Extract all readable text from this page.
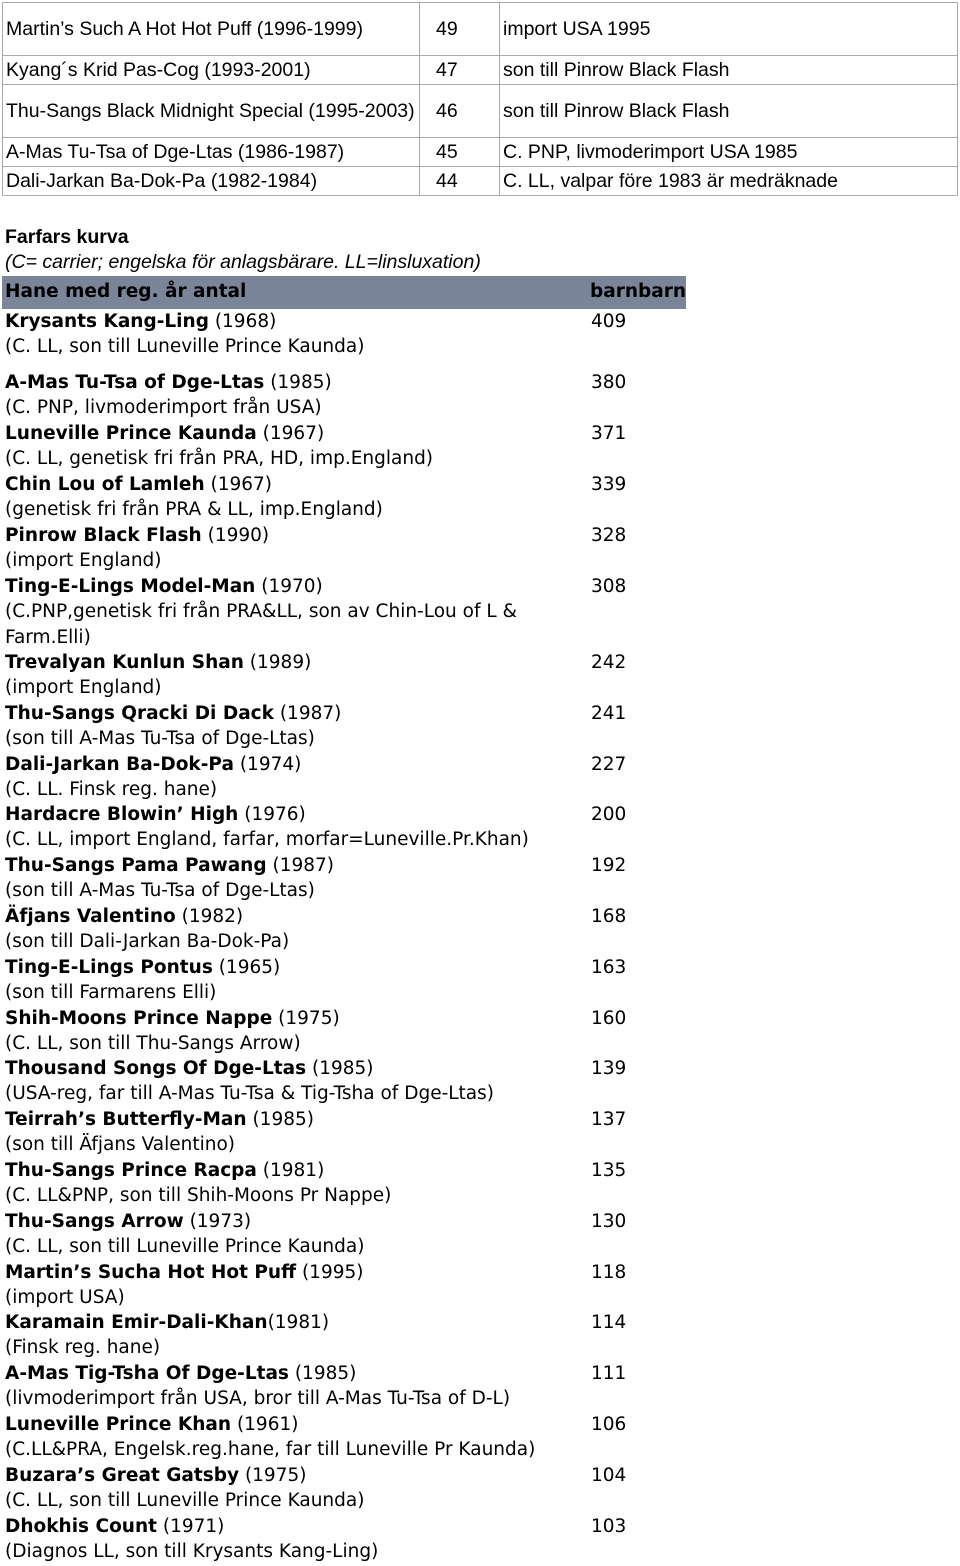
Martin’s Such A Hot Hot Puff (1996-1999)	49	import USA 1995
Kyang´s Krid Pas-Cog (1993-2001)	47	son till Pinrow Black Flash
Thu-Sangs Black Midnight Special (1995-2003)	46	son till Pinrow Black Flash
A-Mas Tu-Tsa of Dge-Ltas (1986-1987)	45	C. PNP, livmoderimport USA 1985
Dali-Jarkan Ba-Dok-Pa (1982-1984)	44	C. LL, valpar före 1983 är medräknade
Farfars kurva
(C= carrier; engelska för anlagsbärare. LL=linsluxation)
Hane med reg. år antal	barnbarn
Krysants Kang-Ling (1968)	409
(C. LL, son till Luneville Prince Kaunda)
A-Mas Tu-Tsa of Dge-Ltas (1985)	380
(C. PNP, livmoderimport från USA)
Luneville Prince Kaunda (1967)	371
(C. LL, genetisk fri från PRA, HD, imp.England)
Chin Lou of Lamleh (1967)	339
(genetisk fri från PRA & LL, imp.England)
Pinrow Black Flash (1990)	328
(import England)
Ting-E-Lings Model-Man (1970)	308
(C.PNP,genetisk fri från PRA&LL, son av Chin-Lou of L & Farm.Elli)
Trevalyan Kunlun Shan (1989)	242
(import England)
Thu-Sangs Qracki Di Dack (1987)	241
(son till A-Mas Tu-Tsa of Dge-Ltas)
Dali-Jarkan Ba-Dok-Pa (1974)	227
(C. LL. Finsk reg. hane)
Hardacre Blowin’ High (1976)	200
(C. LL, import England, farfar, morfar=Luneville.Pr.Khan)
Thu-Sangs Pama Pawang (1987)	192
(son till A-Mas Tu-Tsa of Dge-Ltas)
Äfjans Valentino (1982)	168
(son till Dali-Jarkan Ba-Dok-Pa)
Ting-E-Lings Pontus (1965)	163
(son till Farmarens Elli)
Shih-Moons Prince Nappe (1975)	160
(C. LL, son till Thu-Sangs Arrow)
Thousand Songs Of Dge-Ltas (1985)	139
(USA-reg, far till A-Mas Tu-Tsa & Tig-Tsha of Dge-Ltas)
Teirrah’s Butterfly-Man (1985)	137
(son till Äfjans Valentino)
Thu-Sangs Prince Racpa (1981)	135
(C. LL&PNP, son till Shih-Moons Pr Nappe)
Thu-Sangs Arrow (1973)	130
(C. LL, son till Luneville Prince Kaunda)
Martin’s Sucha Hot Hot Puff (1995)	118
(import USA)
Karamain Emir-Dali-Khan(1981)	114
(Finsk reg. hane)
A-Mas Tig-Tsha Of Dge-Ltas (1985)	111
(livmoderimport från USA, bror till A-Mas Tu-Tsa of D-L)
Luneville Prince Khan (1961)	106
(C.LL&PRA, Engelsk.reg.hane, far till Luneville Pr Kaunda)
Buzara’s Great Gatsby (1975)	104
(C. LL, son till Luneville Prince Kaunda)
Dhokhis Count (1971)	103
(Diagnos LL, son till Krysants Kang-Ling)
